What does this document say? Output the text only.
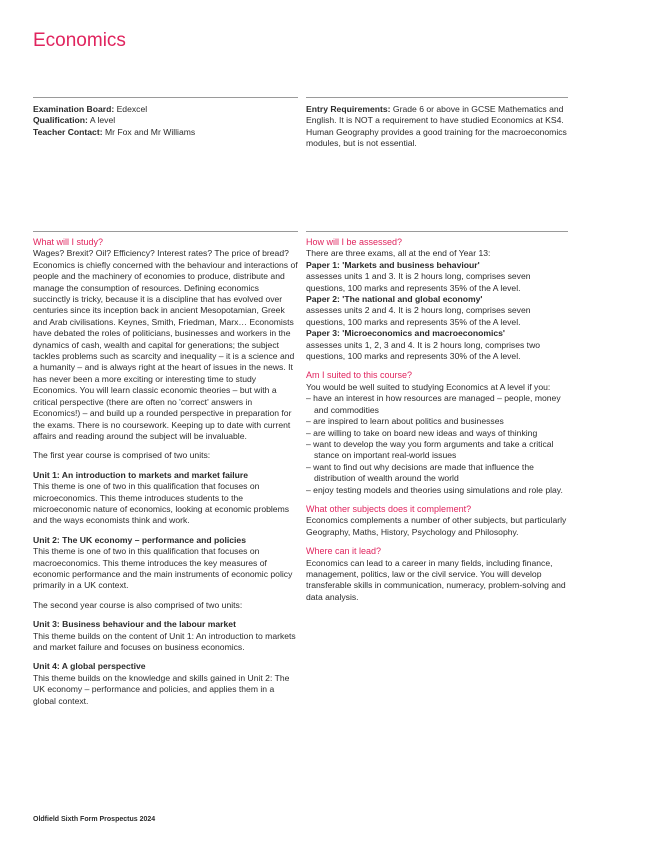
Economics

Examination Board: Edexcel

Qualification: A level

Teacher Contact: Mr Fox and Mr Williams

Entry Requirements: Grade 6 or above in GCSE Mathematics and English. It is NOT a requirement to have studied Economics at KS4. Human Geography provides a good training for the macroeconomics modules, but is not essential.

What will I study?

Wages? Brexit? Oil? Efficiency? Interest rates? The price of bread? Economics is chiefly concerned with the behaviour and interactions of people and the machinery of economies to produce, distribute and manage the consumption of resources. Defining economics succinctly is tricky, because it is a discipline that has evolved over centuries since its inception back in ancient Mesopotamian, Greek and Arab civilisations. Keynes, Smith, Friedman, Marx… Economists have debated the roles of politicians, businesses and workers in the dynamics of cash, wealth and capital for generations; the subject tackles problems such as scarcity and inequality – it is a science and a humanity – and is always right at the heart of issues in the news. It has never been a more exciting or interesting time to study Economics. You will learn classic economic theories – but with a critical perspective (there are often no 'correct' answers in Economics!) – and build up a rounded perspective in preparation for the exams. There is no coursework. Keeping up to date with current affairs and reading around the subject will be invaluable.

The first year course is comprised of two units:

Unit 1: An introduction to markets and market failure

This theme is one of two in this qualification that focuses on microeconomics. This theme introduces students to the microeconomic nature of economics, looking at economic problems and the ways economists think and work.

Unit 2: The UK economy – performance and policies

This theme is one of two in this qualification that focuses on macroeconomics. This theme introduces the key measures of economic performance and the main instruments of economic policy primarily in a UK context.

The second year course is also comprised of two units:

Unit 3: Business behaviour and the labour market

This theme builds on the content of Unit 1: An introduction to markets and market failure and focuses on business economics.

Unit 4: A global perspective

This theme builds on the knowledge and skills gained in Unit 2: The UK economy – performance and policies, and applies them in a global context.

How will I be assessed?

There are three exams, all at the end of Year 13:

Paper 1: 'Markets and business behaviour'

assesses units 1 and 3. It is 2 hours long, comprises seven questions, 100 marks and represents 35% of the A level.

Paper 2: 'The national and global economy'

assesses units 2 and 4. It is 2 hours long, comprises seven questions, 100 marks and represents 35% of the A level.

Paper 3: 'Microeconomics and macroeconomics'

assesses units 1, 2, 3 and 4. It is 2 hours long, comprises two questions, 100 marks and represents 30% of the A level.

Am I suited to this course?

You would be well suited to studying Economics at A level if you:

– have an interest in how resources are managed – people, money and commodities
– are inspired to learn about politics and businesses
– are willing to take on board new ideas and ways of thinking
– want to develop the way you form arguments and take a critical stance on important real-world issues
– want to find out why decisions are made that influence the distribution of wealth around the world
– enjoy testing models and theories using simulations and role play.

What other subjects does it complement?

Economics complements a number of other subjects, but particularly Geography, Maths, History, Psychology and Philosophy.

Where can it lead?

Economics can lead to a career in many fields, including finance, management, politics, law or the civil service. You will develop transferable skills in communication, numeracy, problem-solving and data analysis.

Oldfield Sixth Form Prospectus 2024
